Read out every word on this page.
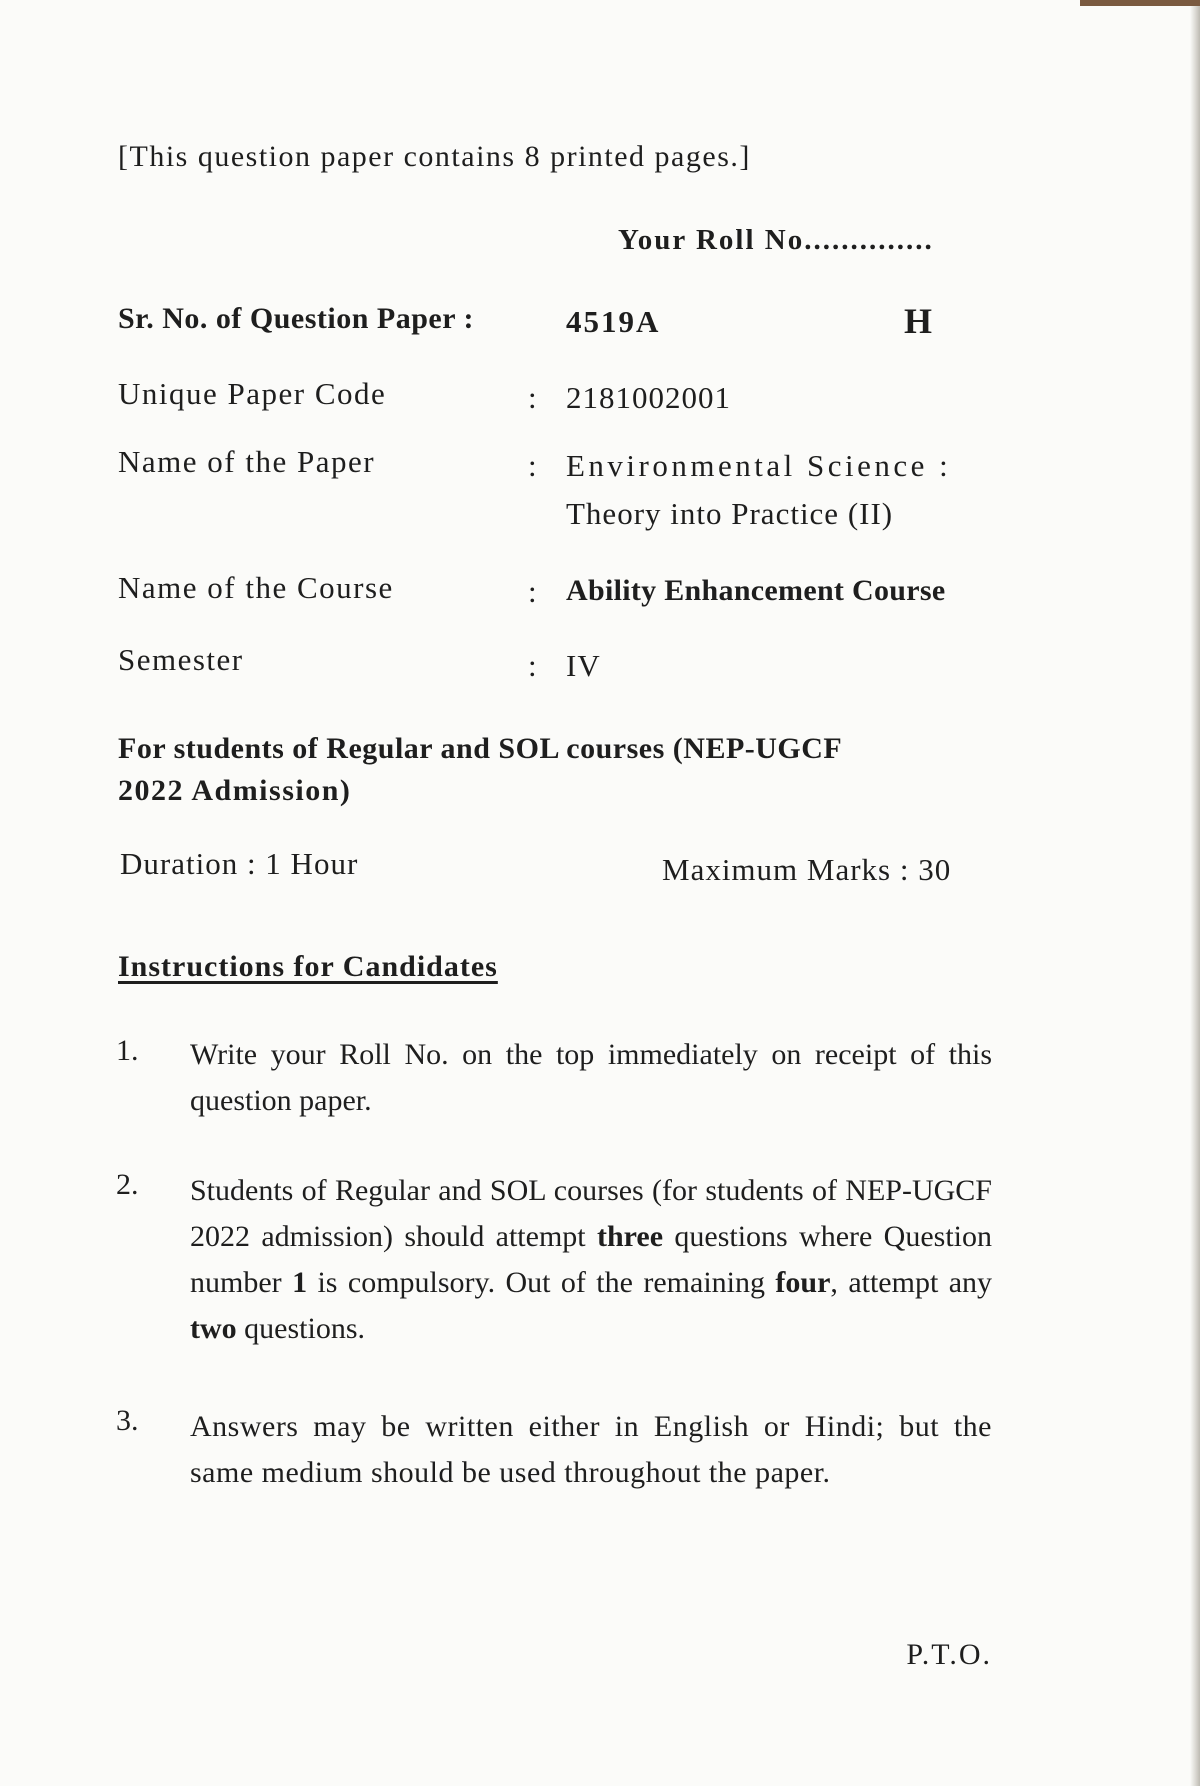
[This question paper contains 8 printed pages.]
Your Roll No..............
Sr. No. of Question Paper :	4519A	H
Unique Paper Code	: 2181002001
Name of the Paper	: Environmental Science :
Theory into Practice (II)
Name of the Course	: Ability Enhancement Course
Semester	: IV
For students of Regular and SOL courses (NEP-UGCF
2022 Admission)
Duration : 1 Hour	Maximum Marks : 30
Instructions for Candidates
1. Write your Roll No. on the top immediately on receipt of this question paper.
2. Students of Regular and SOL courses (for students of NEP-UGCF 2022 admission) should attempt three questions where Question number 1 is compulsory. Out of the remaining four, attempt any two questions.
3. Answers may be written either in English or Hindi; but the same medium should be used throughout the paper.
P.T.O.
